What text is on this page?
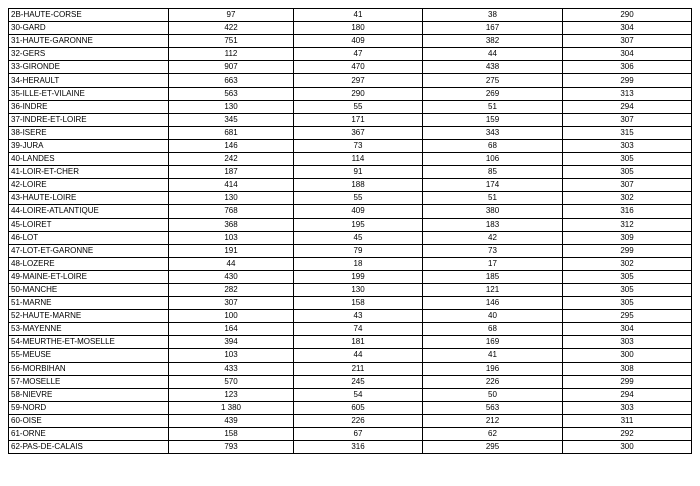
2B-HAUTE-CORSE	97	41	38	290
30-GARD	422	180	167	304
31-HAUTE-GARONNE	751	409	382	307
32-GERS	112	47	44	304
33-GIRONDE	907	470	438	306
34-HERAULT	663	297	275	299
35-ILLE-ET-VILAINE	563	290	269	313
36-INDRE	130	55	51	294
37-INDRE-ET-LOIRE	345	171	159	307
38-ISERE	681	367	343	315
39-JURA	146	73	68	303
40-LANDES	242	114	106	305
41-LOIR-ET-CHER	187	91	85	305
42-LOIRE	414	188	174	307
43-HAUTE-LOIRE	130	55	51	302
44-LOIRE-ATLANTIQUE	768	409	380	316
45-LOIRET	368	195	183	312
46-LOT	103	45	42	309
47-LOT-ET-GARONNE	191	79	73	299
48-LOZERE	44	18	17	302
49-MAINE-ET-LOIRE	430	199	185	305
50-MANCHE	282	130	121	305
51-MARNE	307	158	146	305
52-HAUTE-MARNE	100	43	40	295
53-MAYENNE	164	74	68	304
54-MEURTHE-ET-MOSELLE	394	181	169	303
55-MEUSE	103	44	41	300
56-MORBIHAN	433	211	196	308
57-MOSELLE	570	245	226	299
58-NIEVRE	123	54	50	294
59-NORD	1 380	605	563	303
60-OISE	439	226	212	311
61-ORNE	158	67	62	292
62-PAS-DE-CALAIS	793	316	295	300
